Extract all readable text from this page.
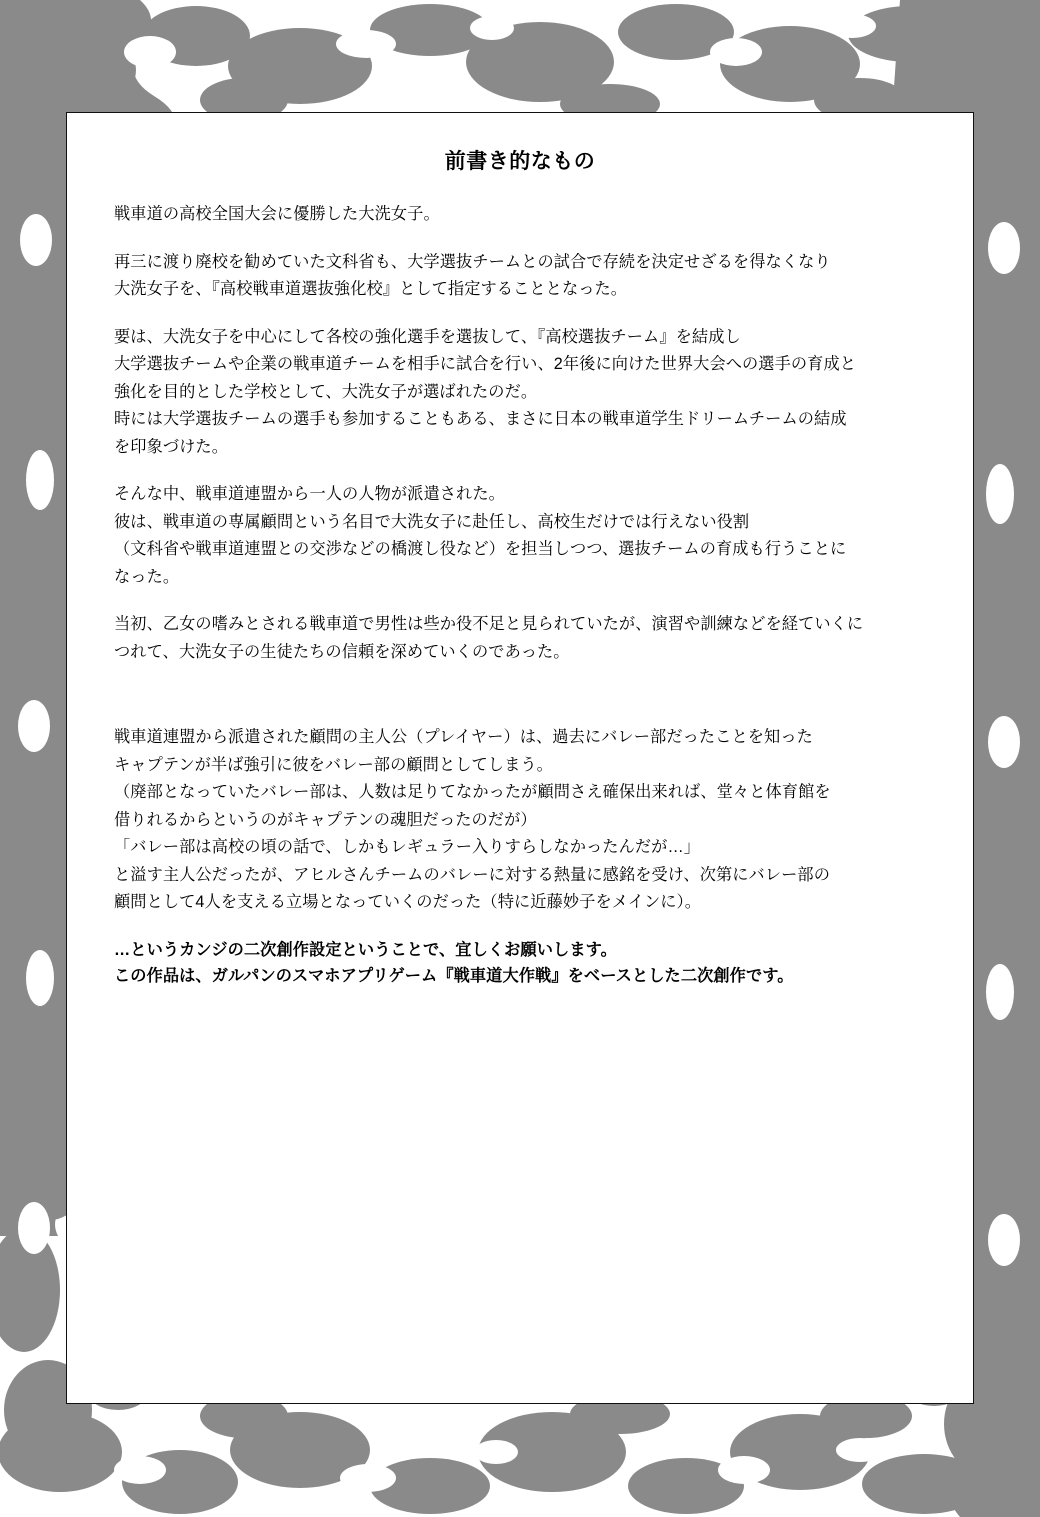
前書き的なもの
戦車道の高校全国大会に優勝した大洗女子。
再三に渡り廃校を勧めていた文科省も、大学選抜チームとの試合で存続を決定せざるを得なくなり
大洗女子を、『高校戦車道選抜強化校』として指定することとなった。
要は、大洗女子を中心にして各校の強化選手を選抜して、『高校選抜チーム』を結成し
大学選抜チームや企業の戦車道チームを相手に試合を行い、2年後に向けた世界大会への選手の育成と
強化を目的とした学校として、大洗女子が選ばれたのだ。
時には大学選抜チームの選手も参加することもある、まさに日本の戦車道学生ドリームチームの結成
を印象づけた。
そんな中、戦車道連盟から一人の人物が派遣された。
彼は、戦車道の専属顧問という名目で大洗女子に赴任し、高校生だけでは行えない役割
（文科省や戦車道連盟との交渉などの橋渡し役など）を担当しつつ、選抜チームの育成も行うことに
なった。
当初、乙女の嗜みとされる戦車道で男性は些か役不足と見られていたが、演習や訓練などを経ていくに
つれて、大洗女子の生徒たちの信頼を深めていくのであった。
戦車道連盟から派遣された顧問の主人公（プレイヤー）は、過去にバレー部だったことを知った
キャプテンが半ば強引に彼をバレー部の顧問としてしまう。
（廃部となっていたバレー部は、人数は足りてなかったが顧問さえ確保出来れば、堂々と体育館を
借りれるからというのがキャプテンの魂胆だったのだが）
「バレー部は高校の頃の話で、しかもレギュラー入りすらしなかったんだが…」
と溢す主人公だったが、アヒルさんチームのバレーに対する熱量に感銘を受け、次第にバレー部の
顧問として4人を支える立場となっていくのだった（特に近藤妙子をメインに）。
…というカンジの二次創作設定ということで、宜しくお願いします。
この作品は、ガルパンのスマホアプリゲーム『戦車道大作戦』をベースとした二次創作です。
